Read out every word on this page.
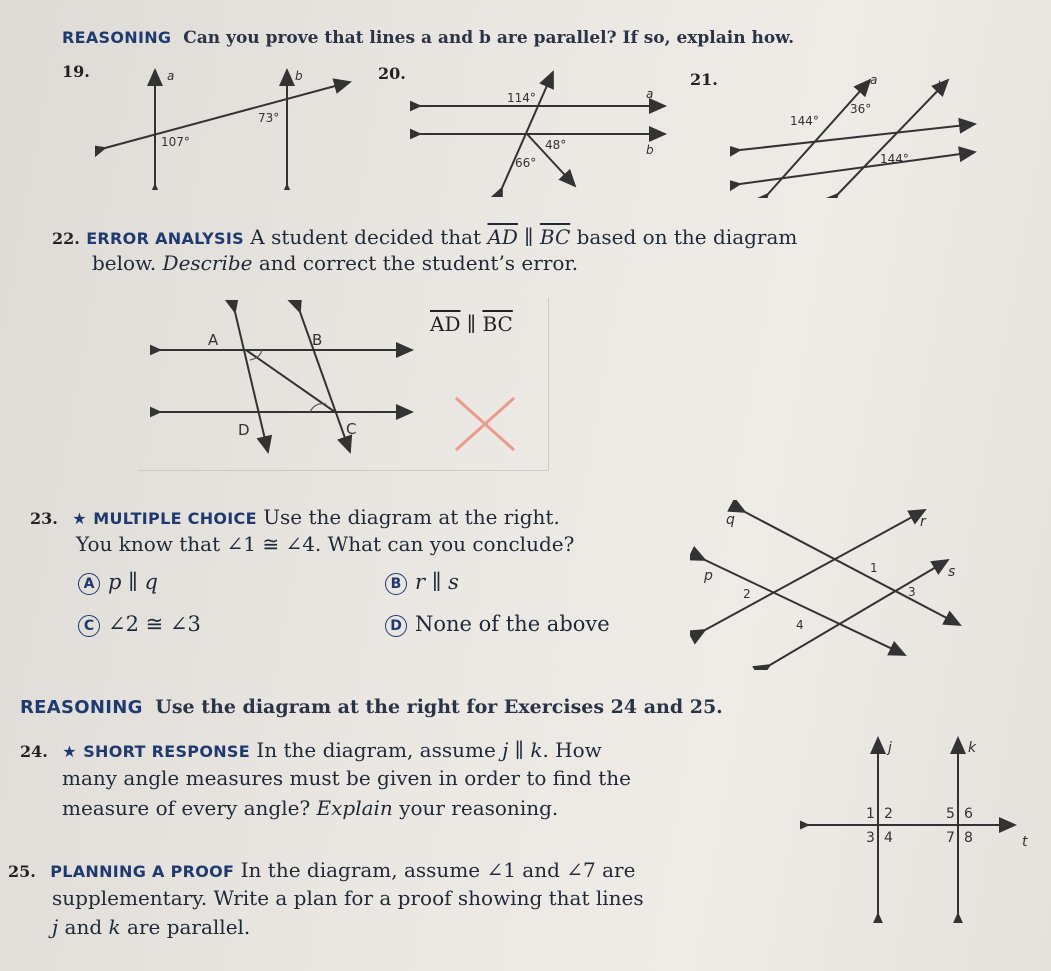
REASONING Can you prove that lines a and b are parallel? If so, explain how.
19.	a	b
107°
73°
20.
114°
48°
66°
a
b
21.	a	b
144°
36°
144°
22. ERROR ANALYSIS A student decided that $\overline{AD}$ ∥ $\overline{BC}$ based on the diagram
below. Describe and correct the student’s error.
A	B
C
D
$\overline{AD}$ ∥ $\overline{BC}$
23. ★ MULTIPLE CHOICE Use the diagram at the right.
You know that ∠1 ≅ ∠4. What can you conclude?
A p ∥ q	B r ∥ s
C ∠2 ≅ ∠3	D None of the above
q	r
p	s
1
2	3
4
REASONING Use the diagram at the right for Exercises 24 and 25.
24. ★ SHORT RESPONSE In the diagram, assume j ∥ k. How
many angle measures must be given in order to find the
measure of every angle? Explain your reasoning.
25. PLANNING A PROOF In the diagram, assume ∠1 and ∠7 are
supplementary. Write a plan for a proof showing that lines
j and k are parallel.
j	k
t
1 2
3 4
5 6
7 8
